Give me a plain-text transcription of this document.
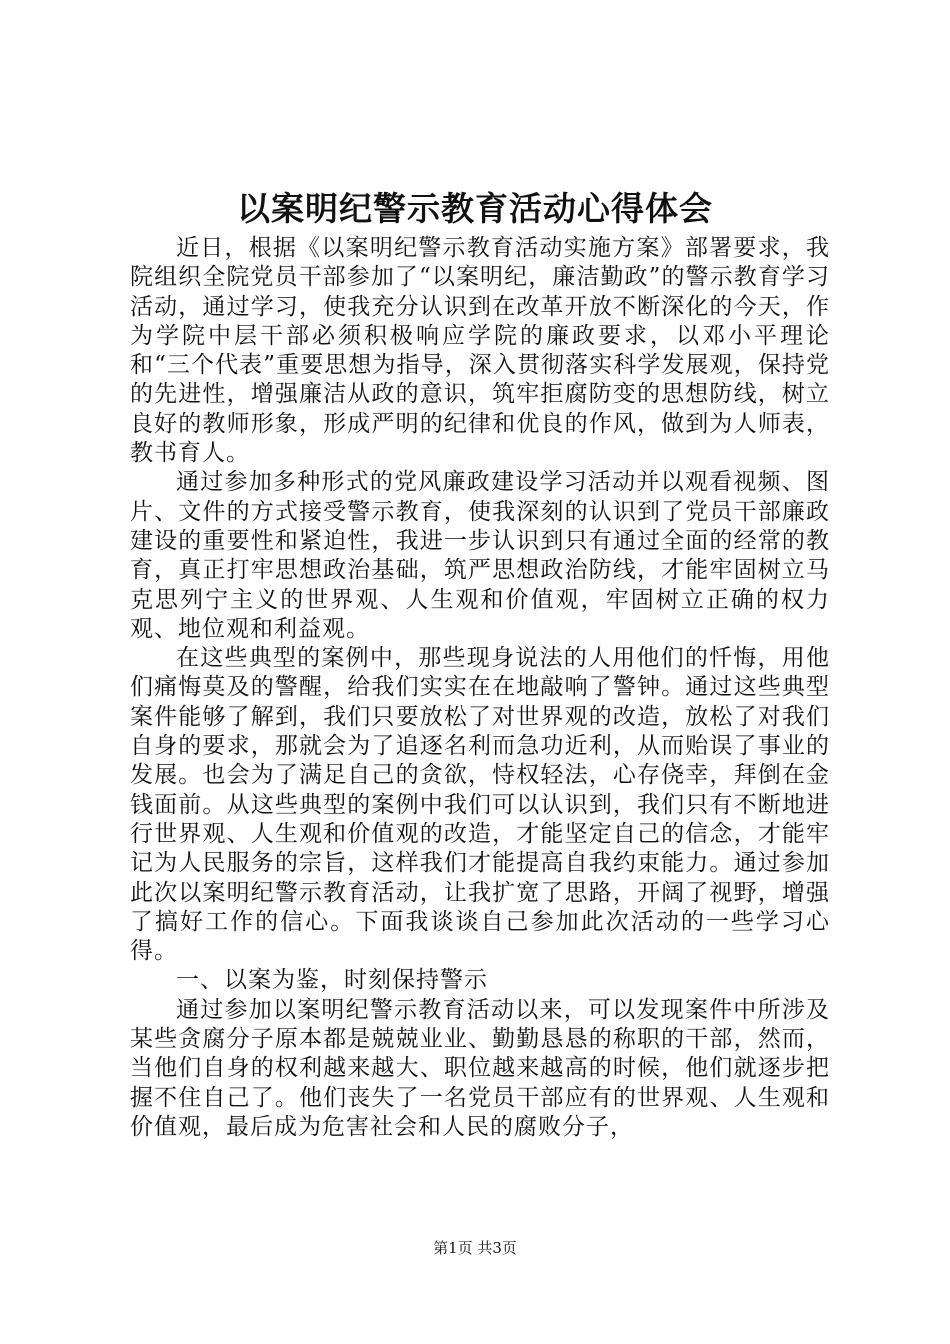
以案明纪警示教育活动心得体会

近日，根据《以案明纪警示教育活动实施方案》部署要求，我院组织全院党员干部参加了“以案明纪，廉洁勤政”的警示教育学习活动，通过学习，使我充分认识到在改革开放不断深化的今天，作为学院中层干部必须积极响应学院的廉政要求，以邓小平理论和“三个代表”重要思想为指导，深入贯彻落实科学发展观，保持党的先进性，增强廉洁从政的意识，筑牢拒腐防变的思想防线，树立良好的教师形象，形成严明的纪律和优良的作风，做到为人师表，教书育人。

通过参加多种形式的党风廉政建设学习活动并以观看视频、图片、文件的方式接受警示教育，使我深刻的认识到了党员干部廉政建设的重要性和紧迫性，我进一步认识到只有通过全面的经常的教育，真正打牢思想政治基础，筑严思想政治防线，才能牢固树立马克思列宁主义的世界观、人生观和价值观，牢固树立正确的权力观、地位观和利益观。

在这些典型的案例中，那些现身说法的人用他们的忏悔，用他们痛悔莫及的警醒，给我们实实在在地敲响了警钟。通过这些典型案件能够了解到，我们只要放松了对世界观的改造，放松了对我们自身的要求，那就会为了追逐名利而急功近利，从而贻误了事业的发展。也会为了满足自己的贪欲，恃权轻法，心存侥幸，拜倒在金钱面前。从这些典型的案例中我们可以认识到，我们只有不断地进行世界观、人生观和价值观的改造，才能坚定自己的信念，才能牢记为人民服务的宗旨，这样我们才能提高自我约束能力。通过参加此次以案明纪警示教育活动，让我扩宽了思路，开阔了视野，增强了搞好工作的信心。下面我谈谈自己参加此次活动的一些学习心得。

一、以案为鉴，时刻保持警示

通过参加以案明纪警示教育活动以来，可以发现案件中所涉及某些贪腐分子原本都是兢兢业业、勤勤恳恳的称职的干部，然而，当他们自身的权利越来越大、职位越来越高的时候，他们就逐步把握不住自己了。他们丧失了一名党员干部应有的世界观、人生观和价值观，最后成为危害社会和人民的腐败分子，

第1页 共3页
